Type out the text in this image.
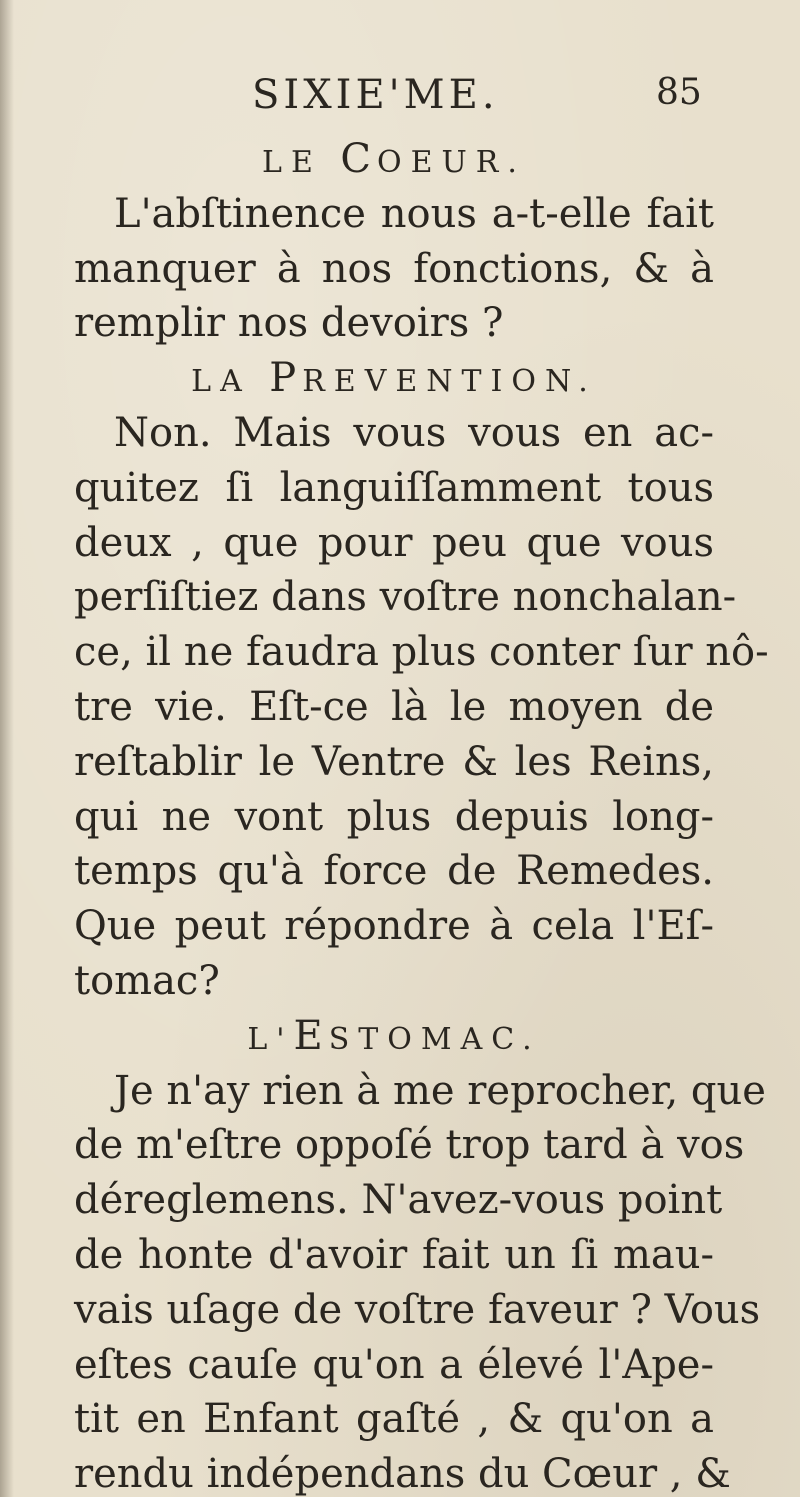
SIXIE'ME.	85

LE COEUR.

L'abſtinence nous a-t-elle fait
manquer à nos fonctions, & à
remplir nos devoirs ?

LA PREVENTION.

Non. Mais vous vous en ac-
quitez ſi languiſſamment tous
deux , que pour peu que vous
perſiſtiez dans voſtre nonchalan-
ce, il ne faudra plus conter ſur nô-
tre vie. Eſt-ce là le moyen de
reſtablir le Ventre & les Reins,
qui ne vont plus depuis long-
temps qu'à force de Remedes.
Que peut répondre à cela l'Eſ-
tomac?

L'ESTOMAC.

Je n'ay rien à me reprocher, que
de m'eſtre oppoſé trop tard à vos
déreglemens. N'avez-vous point
de honte d'avoir fait un ſi mau-
vais uſage de voſtre faveur ? Vous
eſtes cauſe qu'on a élevé l'Ape-
tit en Enfant gaſté , & qu'on a
rendu indépendans du Cœur , &
